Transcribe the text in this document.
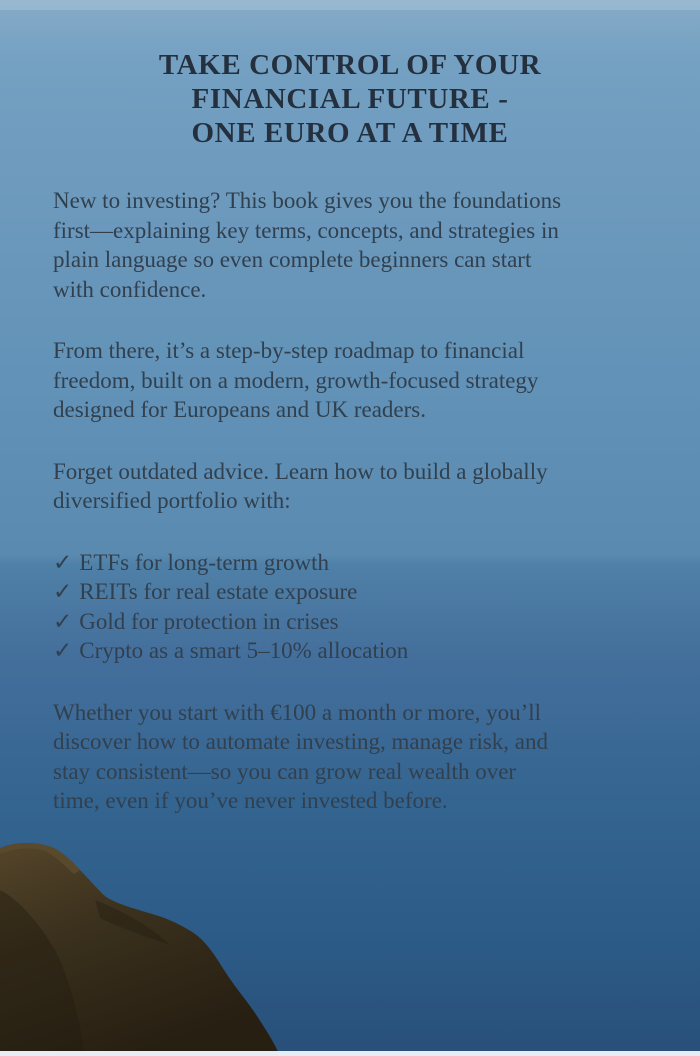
TAKE CONTROL OF YOUR
FINANCIAL FUTURE -
ONE EURO AT A TIME

New to investing? This book gives you the foundations
first—explaining key terms, concepts, and strategies in
plain language so even complete beginners can start
with confidence.

From there, it’s a step-by-step roadmap to financial
freedom, built on a modern, growth-focused strategy
designed for Europeans and UK readers.

Forget outdated advice. Learn how to build a globally
diversified portfolio with:

✓ ETFs for long-term growth
✓ REITs for real estate exposure
✓ Gold for protection in crises
✓ Crypto as a smart 5–10% allocation

Whether you start with €100 a month or more, you’ll
discover how to automate investing, manage risk, and
stay consistent—so you can grow real wealth over
time, even if you’ve never invested before.
